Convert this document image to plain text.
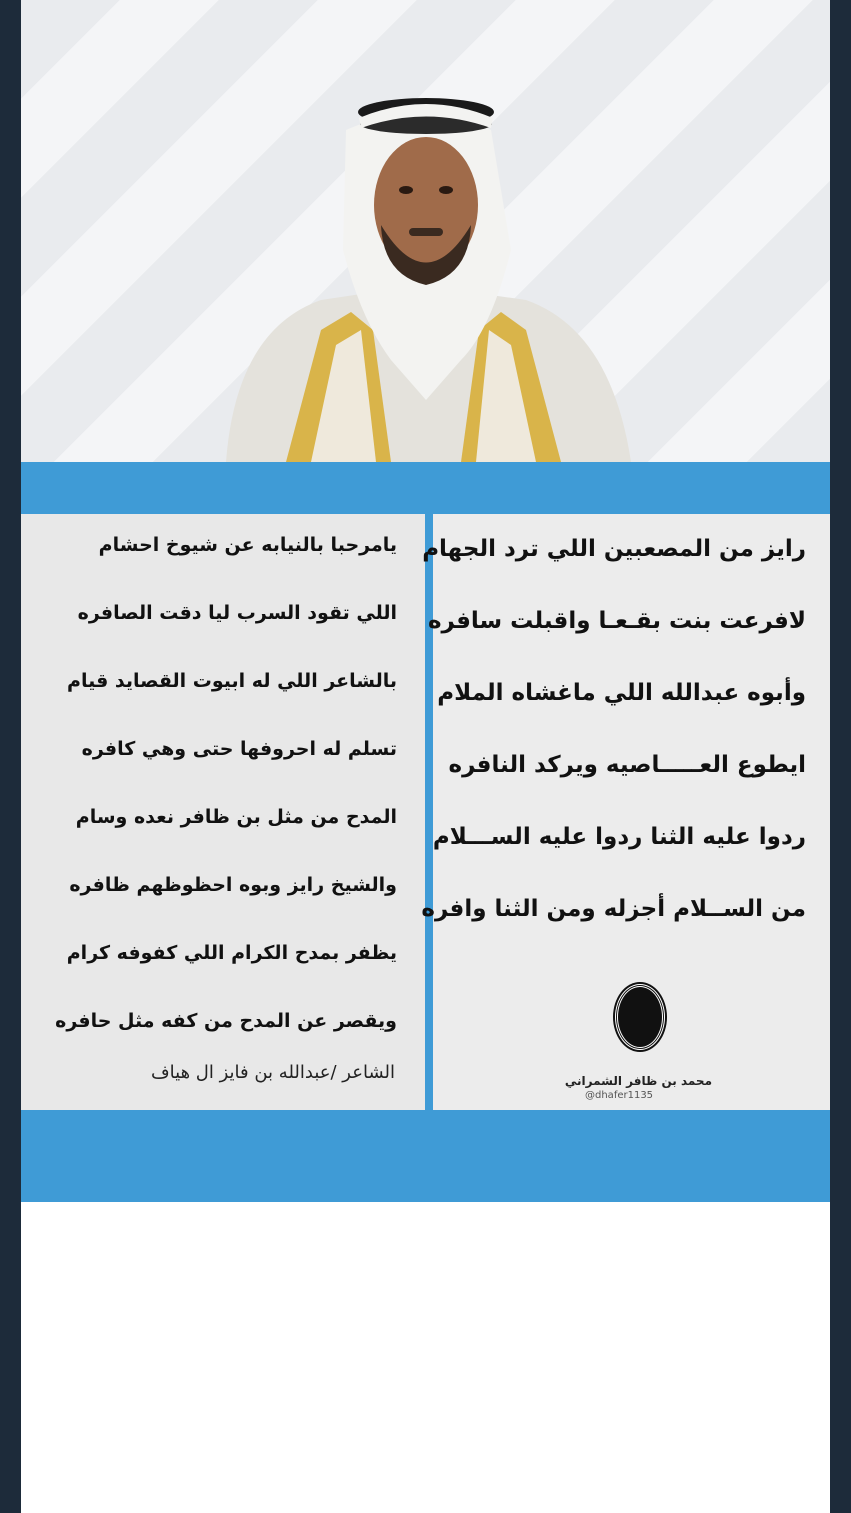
يامرحبا بالنيابه عن شيوخ احشام
اللي تقود السرب ليا دقت الصافره
بالشاعر اللي له ابيوت القصايد قيام
تسلم له احروفها حتى وهي كافره
المدح من مثل بن ظافر نعده وسام
والشيخ رايز وبوه احظوظهم ظافره
يظفر بمدح الكرام اللي كفوفه كرام
ويقصر عن المدح من كفه مثل حافره
الشاعر /عبدالله بن فايز ال هياف
رايز من المصعبين اللي ترد الجهام
لافرعت بنت بقـعـا واقبلت سافره
وأبوه عبدالله اللي ماغشاه الملام
ايطوع العـــــاصيه ويركد النافره
ردوا عليه الثنا ردوا عليه الســـلام
من الســلام أجزله ومن الثنا وافره
محمد بن ظافر الشمراني
@dhafer1135
